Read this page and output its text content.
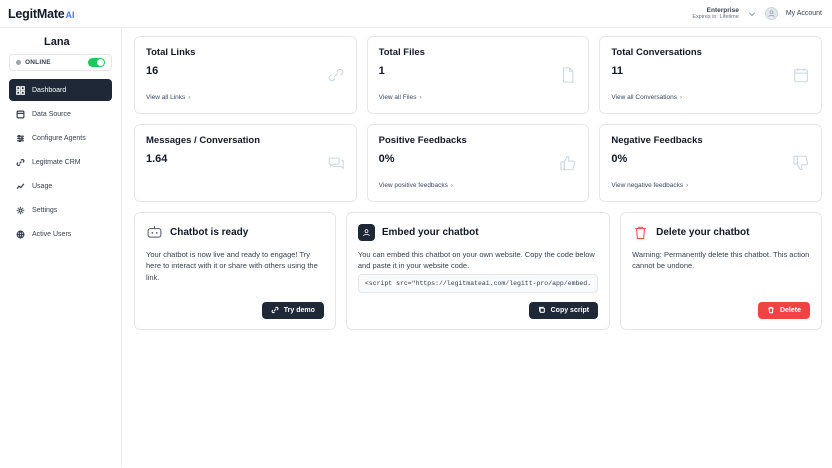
LegitMate AI	Enterprise
Expires in: Lifetime
My Account
Lana
ONLINE
Dashboard
Data Source
Configure Agents
Legitmate CRM
Usage
Settings
Active Users
Total Links
16
View all Links ›
Total Files
1
View all Files ›
Total Conversations
11
View all Conversations ›
Messages / Conversation
1.64
Positive Feedbacks
0%
View positive feedbacks ›
Negative Feedbacks
0%
View negative feedbacks ›
Chatbot is ready
Your chatbot is now live and ready to engage! Try here to interact with it or share with others using the link.
Try demo
Embed your chatbot
You can embed this chatbot on your own website. Copy the code below and paste it in your website code.
<script src="https://legitmateai.com/legitt-pro/app/embed.
Copy script
Delete your chatbot
Warning: Permanently delete this chatbot. This action cannot be undone.
Delete
